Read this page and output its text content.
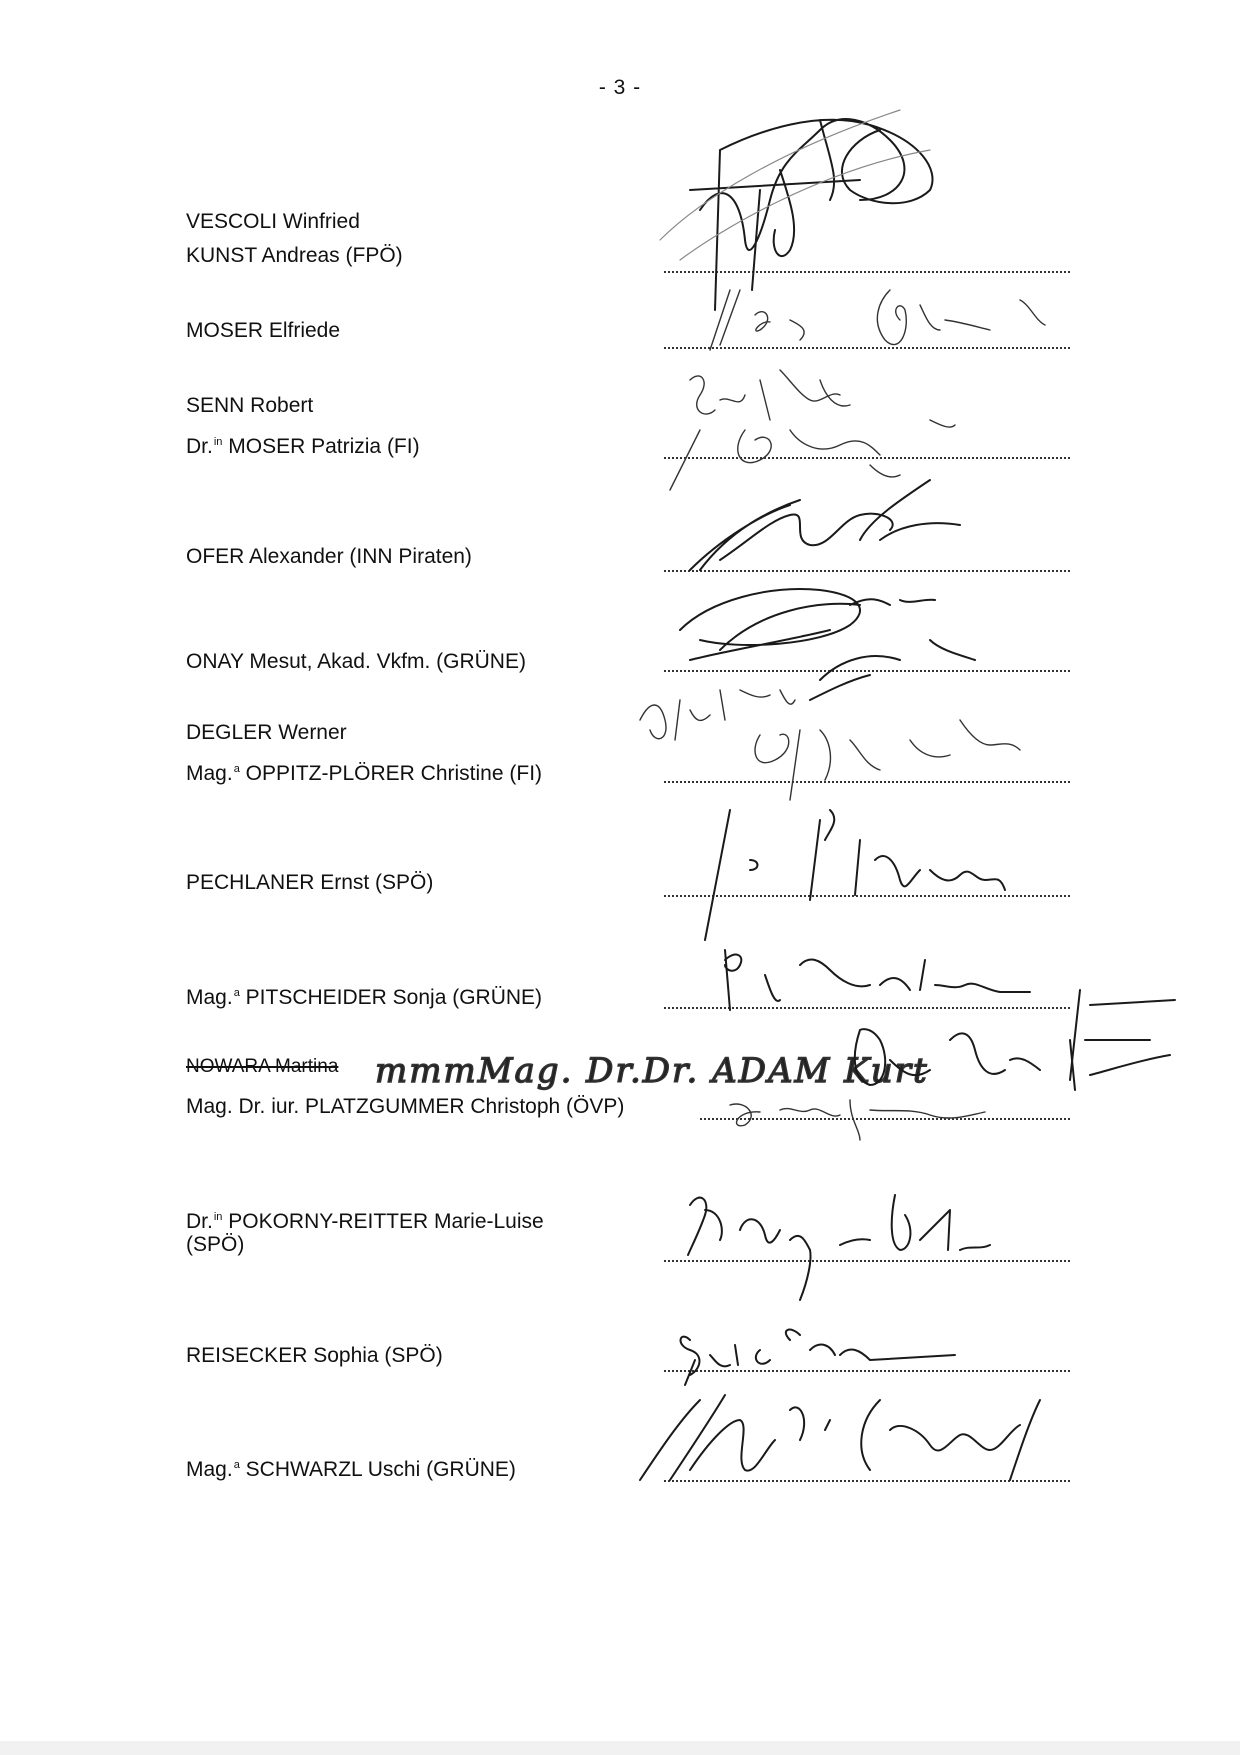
- 3 -
VESCOLI Winfried
KUNST Andreas (FPÖ)
MOSER Elfriede
SENN Robert
Dr.$^{in}$ MOSER Patrizia (FI)
OFER Alexander (INN Piraten)
ONAY Mesut, Akad. Vkfm. (GRÜNE)
DEGLER Werner
Mag.$^a$ OPPITZ-PLÖRER Christine (FI)
PECHLANER Ernst (SPÖ)
Mag.$^a$ PITSCHEIDER Sonja (GRÜNE)
NOWARA Martina
Mag. Dr. iur. PLATZGUMMER Christoph (ÖVP)
Dr.$^{in}$ POKORNY-REITTER Marie-Luise
(SPÖ)
REISECKER Sophia (SPÖ)
Mag.$^a$ SCHWARZL Uschi (GRÜNE)
mmmMag. Dr.Dr. ADAM Kurt
